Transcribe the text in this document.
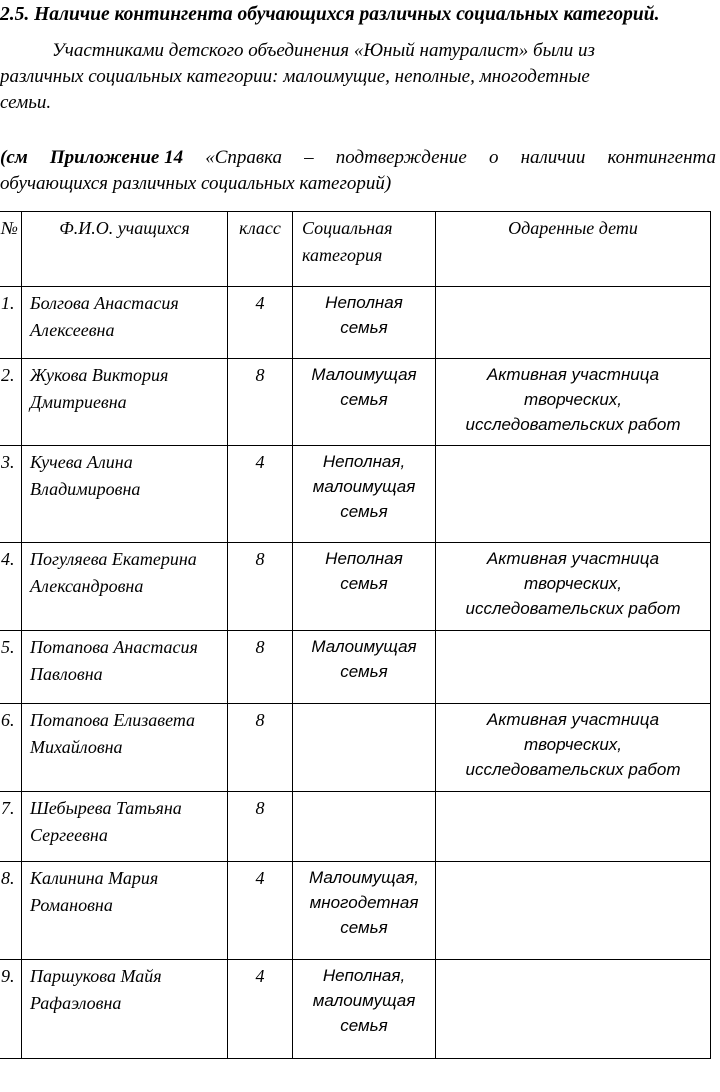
2.5. Наличие контингента обучающихся различных социальных категорий.
Участниками детского объединения «Юный натуралист» были из
различных социальных категории: малоимущие, неполные, многодетные
семьи.
(см Приложение 14 «Справка – подтверждение о наличии контингента
обучающихся различных социальных категорий)
№	Ф.И.О. учащихся	класс	Социальная
категория	Одаренные дети
1.	Болгова Анастасия
Алексеевна	4	Неполная
семья	

2.	Жукова Виктория
Дмитриевна	8	Малоимущая
семья	Активная участница
творческих,
исследовательских работ

3.	Кучева Алина
Владимировна	4	Неполная,
малоимущая
семья	

4.	Погуляева Екатерина
Александровна	8	Неполная
семья	Активная участница
творческих,
исследовательских работ

5.	Потапова Анастасия
Павловна	8	Малоимущая
семья	

6.	Потапова Елизавета
Михайловна	8		Активная участница
творческих,
исследовательских работ

7.	Шебырева Татьяна
Сергеевна	8		
8.	Калинина Мария
Романовна	4	Малоимущая,
многодетная
семья	

9.	Паршукова Майя
Рафаэловна	4	Неполная,
малоимущая
семья	
